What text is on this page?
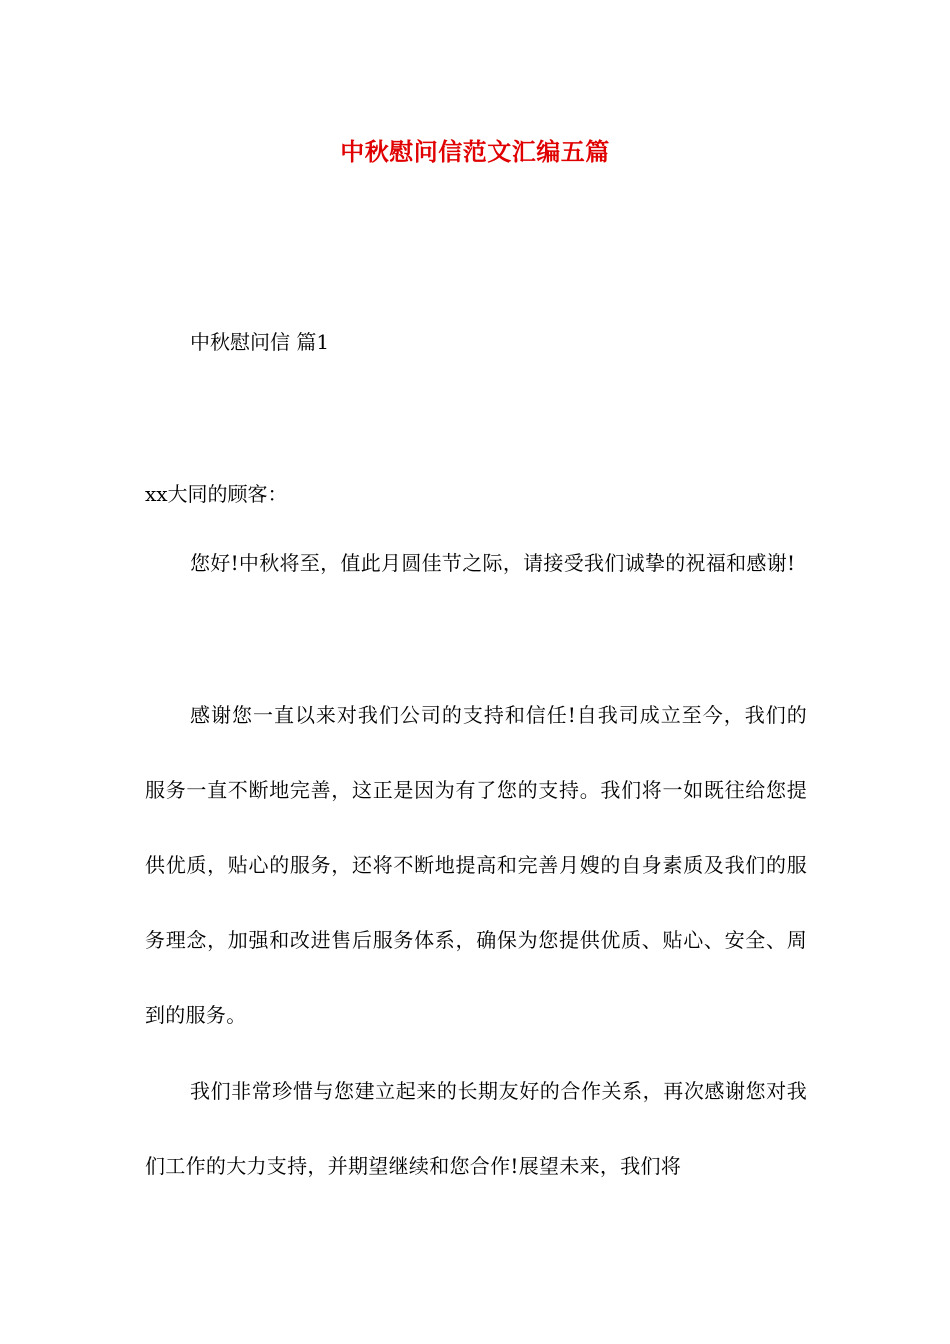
中秋慰问信范文汇编五篇

中秋慰问信 篇1

xx大同的顾客：

您好!中秋将至，值此月圆佳节之际，请接受我们诚挚的祝福和感谢!

感谢您一直以来对我们公司的支持和信任!自我司成立至今，我们的服务一直不断地完善，这正是因为有了您的支持。我们将一如既往给您提供优质，贴心的服务，还将不断地提高和完善月嫂的自身素质及我们的服务理念，加强和改进售后服务体系，确保为您提供优质、贴心、安全、周到的服务。

我们非常珍惜与您建立起来的长期友好的合作关系，再次感谢您对我们工作的大力支持，并期望继续和您合作!展望未来，我们将
